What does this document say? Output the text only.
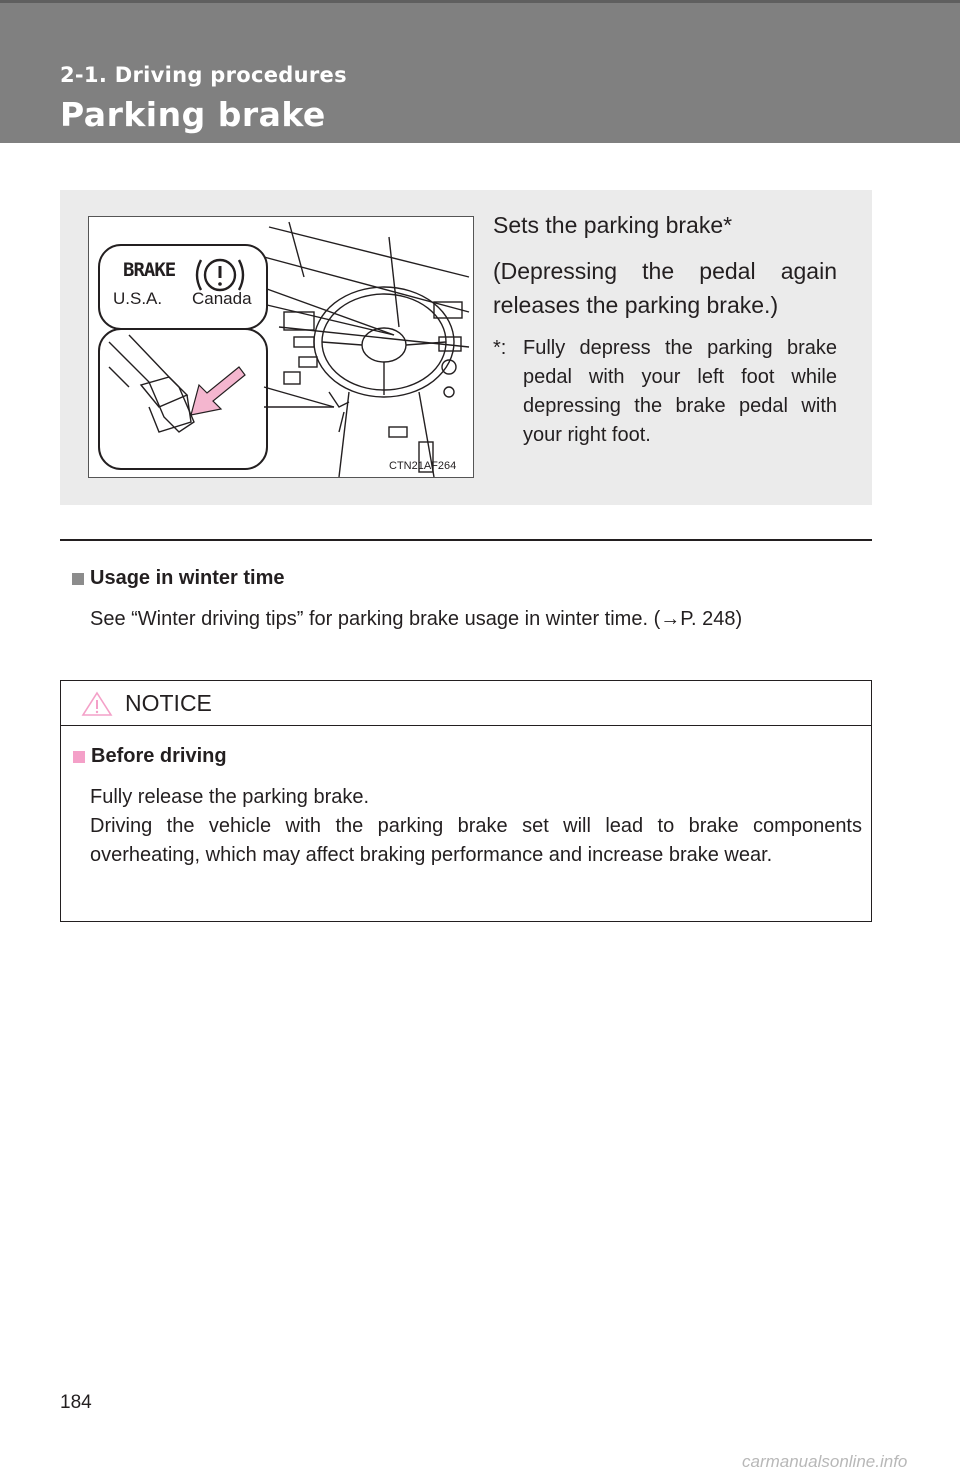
2-1. Driving procedures
Parking brake
BRAKE
U.S.A. Canada
CTN21AF264

Sets the parking brake*

(Depressing the pedal again releases the parking brake.)
*: Fully depress the parking brake pedal with your left foot while depressing the brake pedal with your right foot.
Usage in winter time
See “Winter driving tips” for parking brake usage in winter time. (→P. 248)
NOTICE
Before driving

Fully release the parking brake.

Driving the vehicle with the parking brake set will lead to brake components overheating, which may affect braking performance and increase brake wear.

184
carmanualsonline.info
